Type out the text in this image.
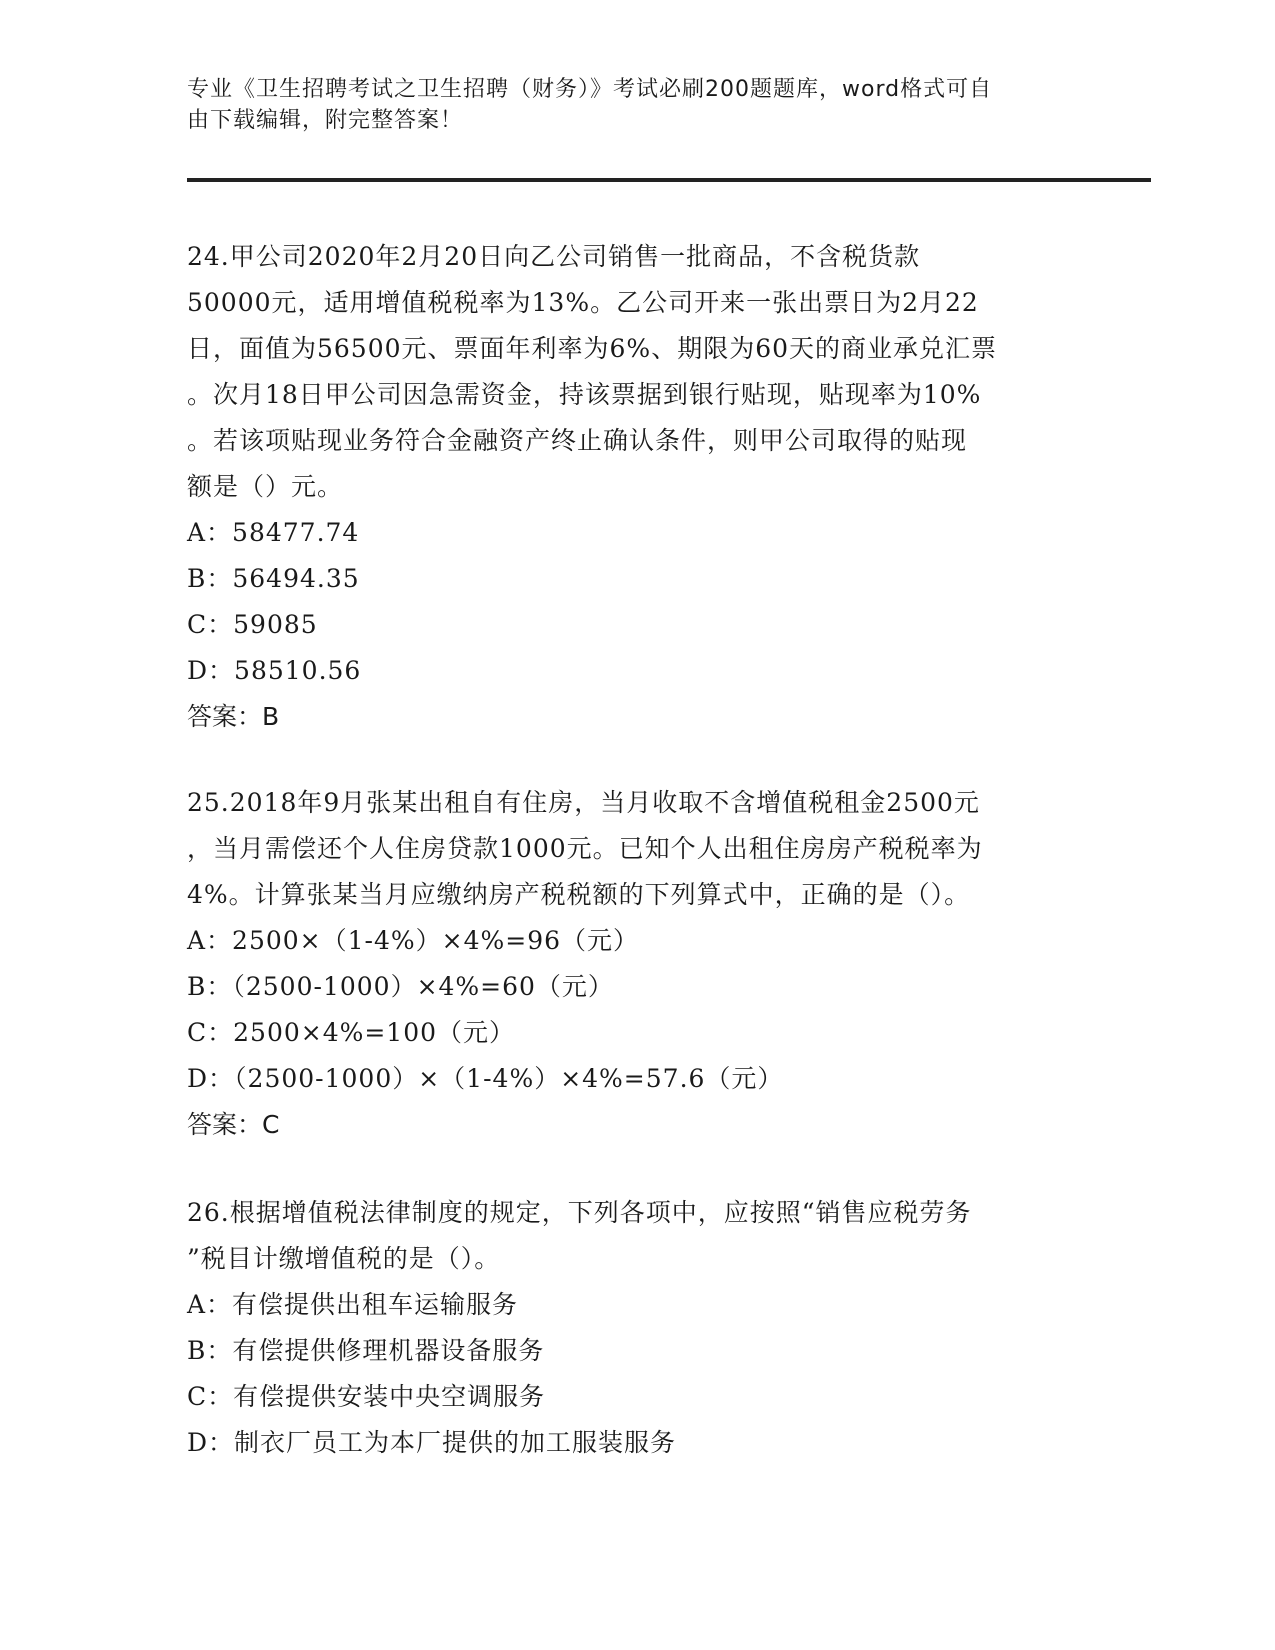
专业《卫生招聘考试之卫生招聘（财务）》考试必刷200题题库，word格式可自
由下载编辑，附完整答案！
24.甲公司2020年2月20日向乙公司销售一批商品，不含税货款
50000元，适用增值税税率为13%。乙公司开来一张出票日为2月22
日，面值为56500元、票面年利率为6%、期限为60天的商业承兑汇票
。次月18日甲公司因急需资金，持该票据到银行贴现，贴现率为10%
。若该项贴现业务符合金融资产终止确认条件，则甲公司取得的贴现
额是（）元。
A：58477.74
B：56494.35
C：59085
D：58510.56
答案：B
25.2018年9月张某出租自有住房，当月收取不含增值税租金2500元
，当月需偿还个人住房贷款1000元。已知个人出租住房房产税税率为
4%。计算张某当月应缴纳房产税税额的下列算式中，正确的是（）。
A：2500×（1-4%）×4%=96（元）
B：（2500-1000）×4%=60（元）
C：2500×4%=100（元）
D：（2500-1000）×（1-4%）×4%=57.6（元）
答案：C
26.根据增值税法律制度的规定，下列各项中，应按照“销售应税劳务
”税目计缴增值税的是（）。
A：有偿提供出租车运输服务
B：有偿提供修理机器设备服务
C：有偿提供安装中央空调服务
D：制衣厂员工为本厂提供的加工服装服务
